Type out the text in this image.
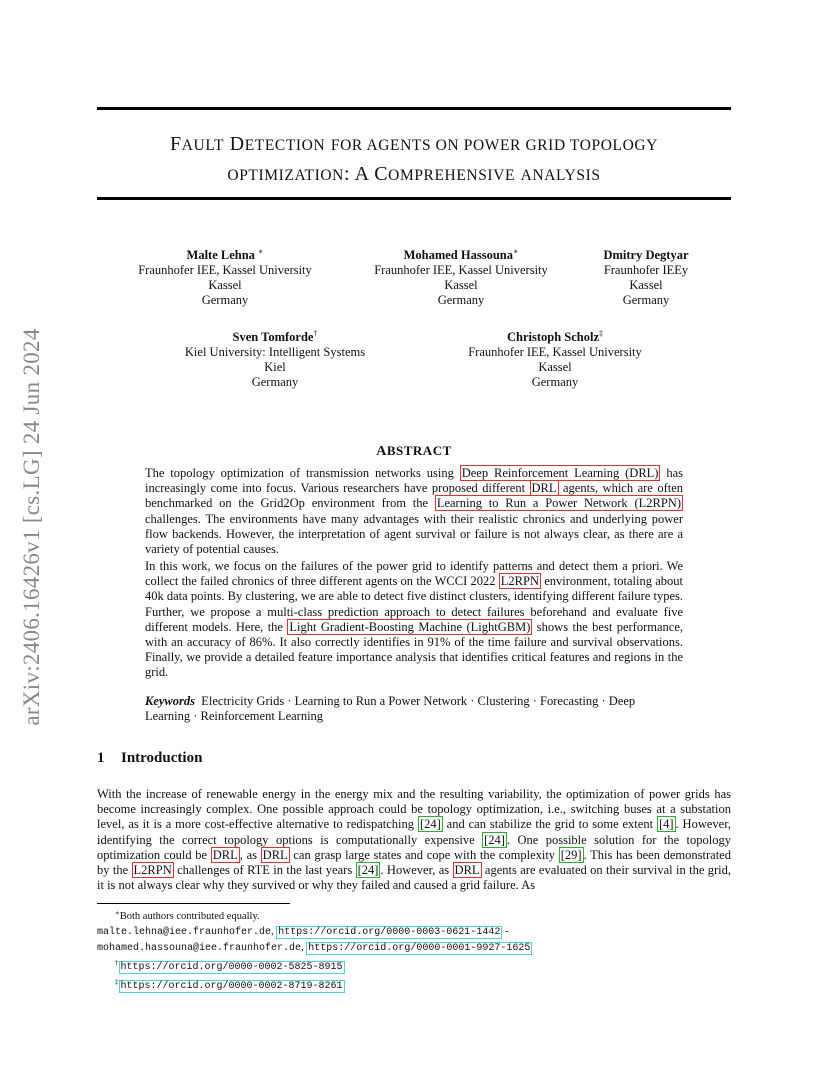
arXiv:2406.16426v1 [cs.LG] 24 Jun 2024
FAULT DETECTION FOR AGENTS ON POWER GRID TOPOLOGY
OPTIMIZATION: A COMPREHENSIVE ANALYSIS
Malte Lehna ∗
Fraunhofer IEE, Kassel University
Kassel
Germany
Mohamed Hassouna∗
Fraunhofer IEE, Kassel University
Kassel
Germany
Dmitry Degtyar
Fraunhofer IEEy
Kassel
Germany
Sven Tomforde†
Kiel University: Intelligent Systems
Kiel
Germany
Christoph Scholz‡
Fraunhofer IEE, Kassel University
Kassel
Germany
ABSTRACT
The topology optimization of transmission networks using Deep Reinforcement Learning (DRL) has increasingly come into focus. Various researchers have proposed different DRL agents, which are often benchmarked on the Grid2Op environment from the Learning to Run a Power Network (L2RPN) challenges. The environments have many advantages with their realistic chronics and underlying power flow backends. However, the interpretation of agent survival or failure is not always clear, as there are a variety of potential causes.
In this work, we focus on the failures of the power grid to identify patterns and detect them a priori. We collect the failed chronics of three different agents on the WCCI 2022 L2RPN environment, totaling about 40k data points. By clustering, we are able to detect five distinct clusters, identifying different failure types. Further, we propose a multi-class prediction approach to detect failures beforehand and evaluate five different models. Here, the Light Gradient-Boosting Machine (LightGBM) shows the best performance, with an accuracy of 86%. It also correctly identifies in 91% of the time failure and survival observations. Finally, we provide a detailed feature importance analysis that identifies critical features and regions in the grid.
Keywords Electricity Grids · Learning to Run a Power Network · Clustering · Forecasting · Deep Learning · Reinforcement Learning
1 Introduction
With the increase of renewable energy in the energy mix and the resulting variability, the optimization of power grids has become increasingly complex. One possible approach could be topology optimization, i.e., switching buses at a substation level, as it is a more cost-effective alternative to redispatching [24] and can stabilize the grid to some extent [4] . However, identifying the correct topology options is computationally expensive [24] . One possible solution for the topology optimization could be DRL , as DRL can grasp large states and cope with the complexity [29] . This has been demonstrated by the L2RPN challenges of RTE in the last years [24] . However, as DRL agents are evaluated on their survival in the grid, it is not always clear why they survived or why they failed and caused a grid failure. As
∗Both authors contributed equally.
malte.lehna@iee.fraunhofer.de, https://orcid.org/0000-0003-0621-1442 -
mohamed.hassouna@iee.fraunhofer.de, https://orcid.org/0000-0001-9927-1625
† https://orcid.org/0000-0002-5825-8915
‡ https://orcid.org/0000-0002-8719-8261
